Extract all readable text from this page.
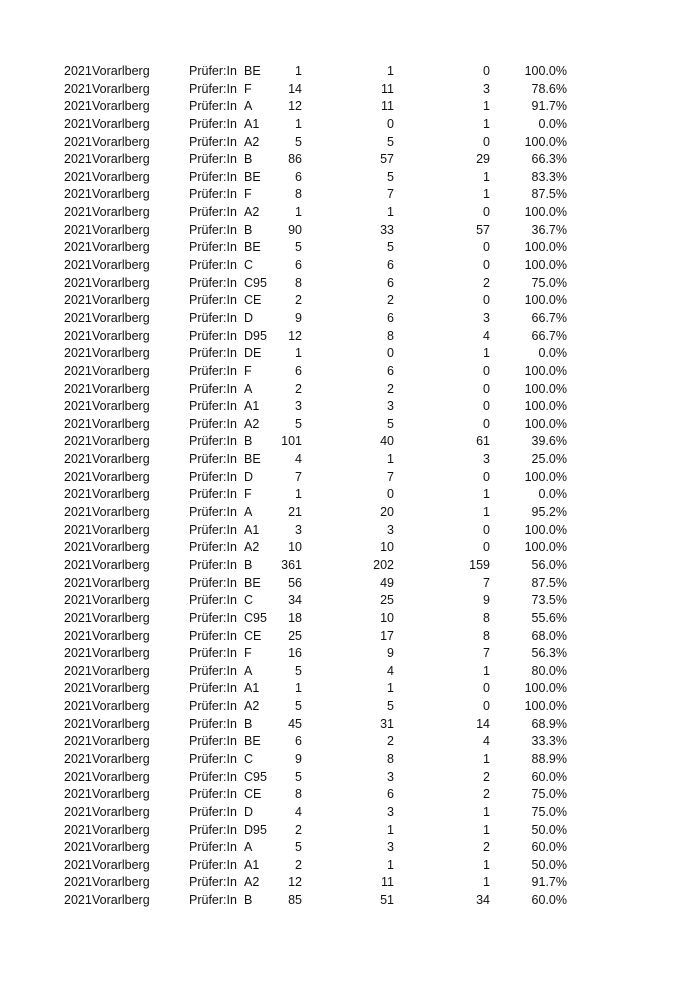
2021 Vorarlberg	Prüfer:In BE	1	1	0	100.0%
2021 Vorarlberg	Prüfer:In F	14	11	3	78.6%
2021 Vorarlberg	Prüfer:In A	12	11	1	91.7%
2021 Vorarlberg	Prüfer:In A1	1	0	1	0.0%
2021 Vorarlberg	Prüfer:In A2	5	5	0	100.0%
2021 Vorarlberg	Prüfer:In B	86	57	29	66.3%
2021 Vorarlberg	Prüfer:In BE	6	5	1	83.3%
2021 Vorarlberg	Prüfer:In F	8	7	1	87.5%
2021 Vorarlberg	Prüfer:In A2	1	1	0	100.0%
2021 Vorarlberg	Prüfer:In B	90	33	57	36.7%
2021 Vorarlberg	Prüfer:In BE	5	5	0	100.0%
2021 Vorarlberg	Prüfer:In C	6	6	0	100.0%
2021 Vorarlberg	Prüfer:In C95 8	6	2	75.0%
2021 Vorarlberg	Prüfer:In CE	2	2	0	100.0%
2021 Vorarlberg	Prüfer:In D	9	6	3	66.7%
2021 Vorarlberg	Prüfer:In D95 12	8	4	66.7%
2021 Vorarlberg	Prüfer:In DE	1	0	1	0.0%
2021 Vorarlberg	Prüfer:In F	6	6	0	100.0%
2021 Vorarlberg	Prüfer:In A	2	2	0	100.0%
2021 Vorarlberg	Prüfer:In A1	3	3	0	100.0%
2021 Vorarlberg	Prüfer:In A2	5	5	0	100.0%
2021 Vorarlberg	Prüfer:In B 101	40	61	39.6%
2021 Vorarlberg	Prüfer:In BE	4	1	3	25.0%
2021 Vorarlberg	Prüfer:In D	7	7	0	100.0%
2021 Vorarlberg	Prüfer:In F	1	0	1	0.0%
2021 Vorarlberg	Prüfer:In A	21	20	1	95.2%
2021 Vorarlberg	Prüfer:In A1	3	3	0	100.0%
2021 Vorarlberg	Prüfer:In A2 10	10	0	100.0%
2021 Vorarlberg	Prüfer:In B 361	202	159	56.0%
2021 Vorarlberg	Prüfer:In BE 56	49	7	87.5%
2021 Vorarlberg	Prüfer:In C	34	25	9	73.5%
2021 Vorarlberg	Prüfer:In C95 18	10	8	55.6%
2021 Vorarlberg	Prüfer:In CE 25	17	8	68.0%
2021 Vorarlberg	Prüfer:In F	16	9	7	56.3%
2021 Vorarlberg	Prüfer:In A	5	4	1	80.0%
2021 Vorarlberg	Prüfer:In A1	1	1	0	100.0%
2021 Vorarlberg	Prüfer:In A2	5	5	0	100.0%
2021 Vorarlberg	Prüfer:In B	45	31	14	68.9%
2021 Vorarlberg	Prüfer:In BE	6	2	4	33.3%
2021 Vorarlberg	Prüfer:In C	9	8	1	88.9%
2021 Vorarlberg	Prüfer:In C95 5	3	2	60.0%
2021 Vorarlberg	Prüfer:In CE	8	6	2	75.0%
2021 Vorarlberg	Prüfer:In D	4	3	1	75.0%
2021 Vorarlberg	Prüfer:In D95 2	1	1	50.0%
2021 Vorarlberg	Prüfer:In A	5	3	2	60.0%
2021 Vorarlberg	Prüfer:In A1	2	1	1	50.0%
2021 Vorarlberg	Prüfer:In A2 12	11	1	91.7%
2021 Vorarlberg	Prüfer:In B	85	51	34	60.0%
